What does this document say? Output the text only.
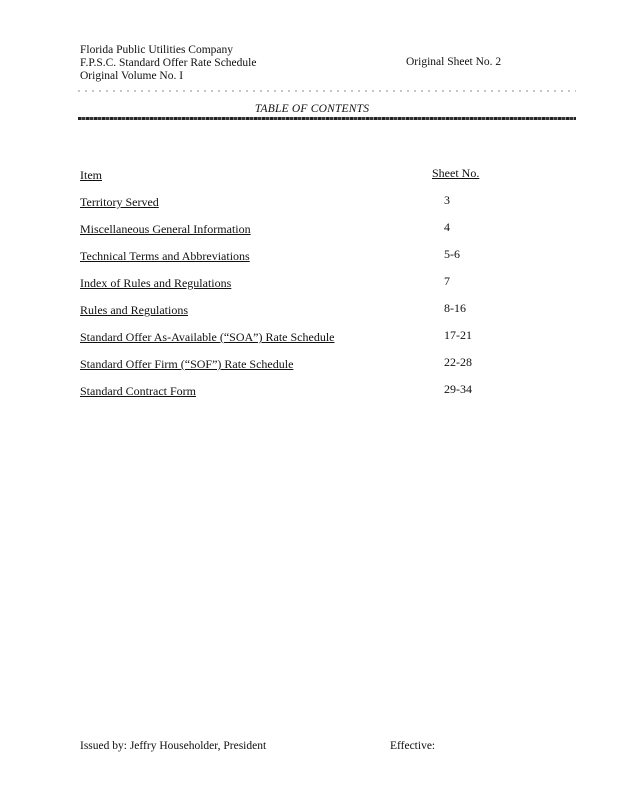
Florida Public Utilities Company
F.P.S.C. Standard Offer Rate Schedule
Original Volume No. I
Original Sheet No. 2
TABLE OF CONTENTS
Item	Sheet No.
Territory Served	3
Miscellaneous General Information	4
Technical Terms and Abbreviations	5-6
Index of Rules and Regulations	7
Rules and Regulations	8-16
Standard Offer As-Available (“SOA”) Rate Schedule	17-21
Standard Offer Firm (“SOF”) Rate Schedule	22-28
Standard Contract Form	29-34
Issued by: Jeffry Householder, President	Effective:
